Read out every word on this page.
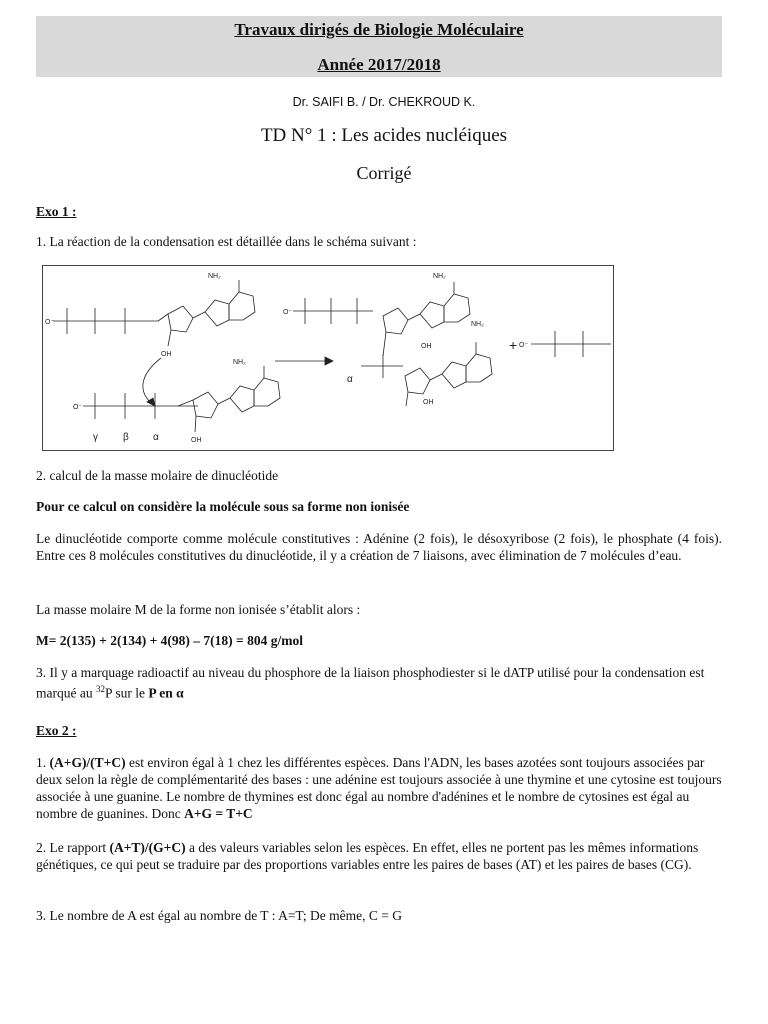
Travaux dirigés de Biologie Moléculaire
Année 2017/2018
Dr. SAIFI B. / Dr. CHEKROUD K.
TD N° 1 : Les acides nucléiques
Corrigé
Exo 1 :
1. La réaction de la condensation est détaillée dans le schéma suivant :
NH₂
NH₂
NH₂
NH₂
OH
OH
OH
OH
O⁻
O⁻
O⁻
O⁻
γ	β α
α
+
2. calcul de la masse molaire de dinucléotide
Pour ce calcul on considère la molécule sous sa forme non ionisée
Le dinucléotide comporte comme molécule constitutives : Adénine (2 fois), le désoxyribose (2 fois), le phosphate (4 fois). Entre ces 8 molécules constitutives du dinucléotide, il y a création de 7 liaisons, avec élimination de 7 molécules d’eau.
La masse molaire M de la forme non ionisée s’établit alors :
M= 2(135) + 2(134) + 4(98) – 7(18) = 804 g/mol
3. Il y a marquage radioactif au niveau du phosphore de la liaison phosphodiester si le dATP utilisé pour la condensation est marqué au $^{32}$P sur le P en α
Exo 2 :
1. (A+G)/(T+C) est environ égal à 1 chez les différentes espèces. Dans l'ADN, les bases azotées sont toujours associées par deux selon la règle de complémentarité des bases : une adénine est toujours associée à une thymine et une cytosine est toujours associée à une guanine. Le nombre de thymines est donc égal au nombre d'adénines et le nombre de cytosines est égal au nombre de guanines. Donc A+G = T+C
2. Le rapport (A+T)/(G+C) a des valeurs variables selon les espèces. En effet, elles ne portent pas les mêmes informations génétiques, ce qui peut se traduire par des proportions variables entre les paires de bases (AT) et les paires de bases (CG).
3. Le nombre de A est égal au nombre de T : A=T; De même, C = G
